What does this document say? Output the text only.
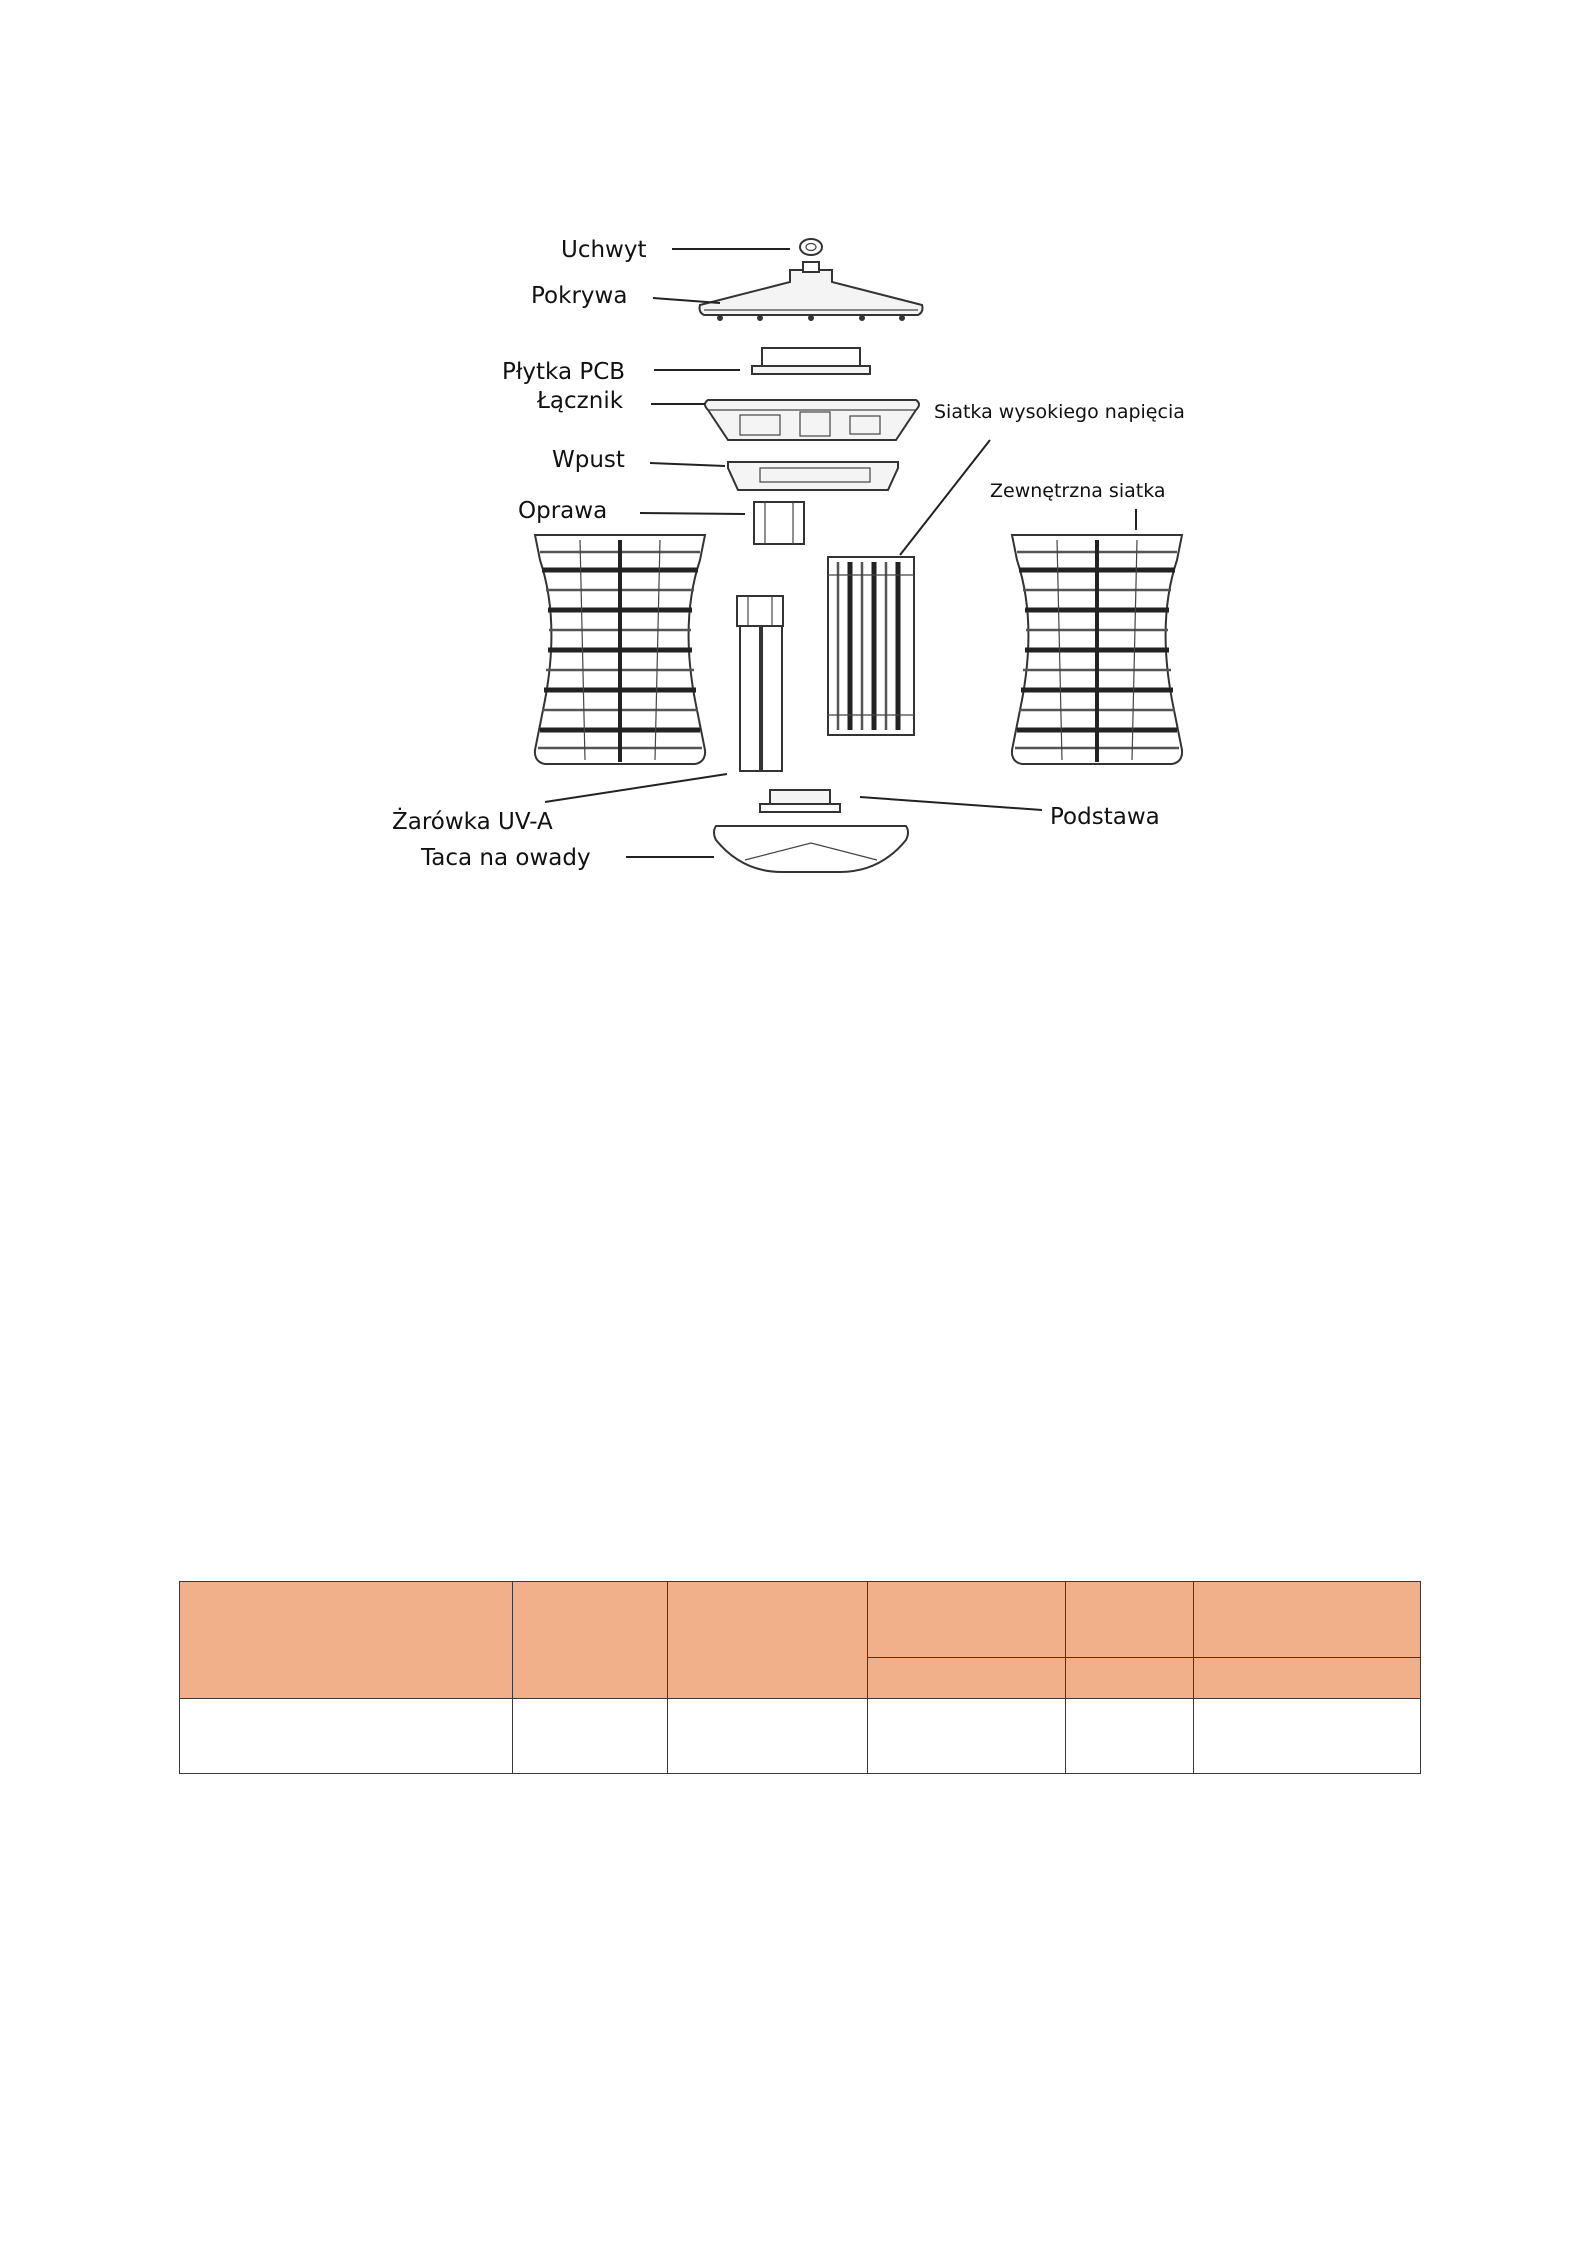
Uchwyt
Pokrywa
Płytka PCB
Łącznik
Wpust
Oprawa
Siatka wysokiego napięcia
Zewnętrzna siatka
Żarówka UV-A	Podstawa
Taca na owady
